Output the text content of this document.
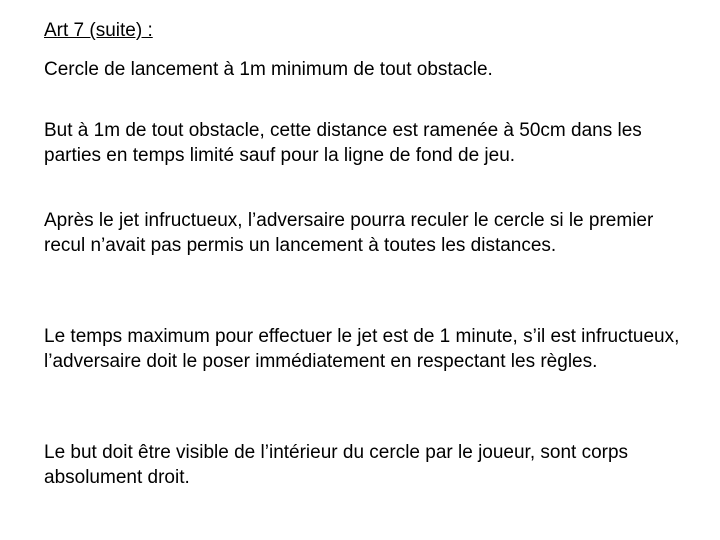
Art 7 (suite) :

Cercle de lancement à 1m minimum de tout obstacle.

But à 1m de tout obstacle, cette distance est ramenée à 50cm dans les parties en temps limité sauf pour la ligne de fond de jeu.

Après le jet infructueux, l’adversaire pourra reculer le cercle si le premier recul n’avait pas permis un lancement à toutes les distances.

Le temps maximum pour effectuer le jet est de 1 minute, s’il est infructueux, l’adversaire doit le poser immédiatement en respectant les règles.

Le but doit être visible de l’intérieur du cercle par le joueur, sont corps absolument droit.
